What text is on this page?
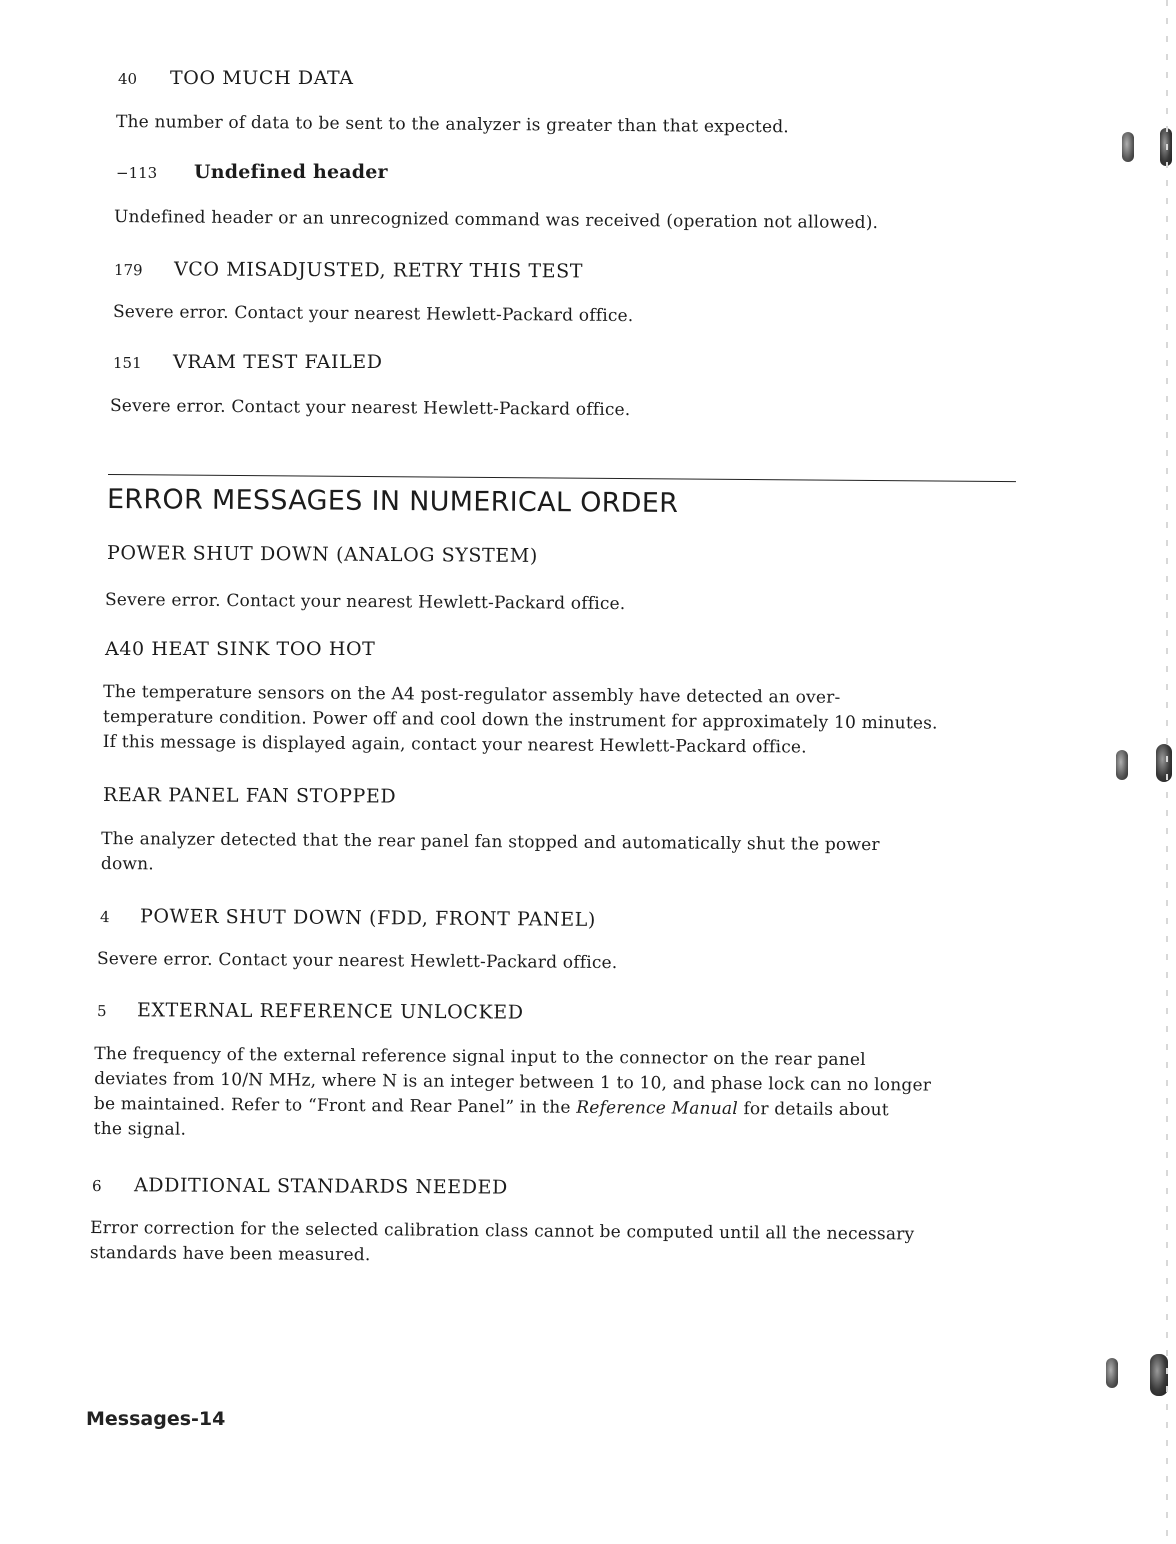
40 TOO MUCH DATA
The number of data to be sent to the analyzer is greater than that expected.
−113 Undefined header
Undefined header or an unrecognized command was received (operation not allowed).
179 VCO MISADJUSTED, RETRY THIS TEST
Severe error. Contact your nearest Hewlett-Packard office.
151 VRAM TEST FAILED
Severe error. Contact your nearest Hewlett-Packard office.
ERROR MESSAGES IN NUMERICAL ORDER
POWER SHUT DOWN (ANALOG SYSTEM)
Severe error. Contact your nearest Hewlett-Packard office.
A40 HEAT SINK TOO HOT
The temperature sensors on the A4 post-regulator assembly have detected an over-
temperature condition. Power off and cool down the instrument for approximately 10 minutes.
If this message is displayed again, contact your nearest Hewlett-Packard office.
REAR PANEL FAN STOPPED
The analyzer detected that the rear panel fan stopped and automatically shut the power
down.
4 POWER SHUT DOWN (FDD, FRONT PANEL)
Severe error. Contact your nearest Hewlett-Packard office.
5 EXTERNAL REFERENCE UNLOCKED
The frequency of the external reference signal input to the connector on the rear panel
deviates from 10/N MHz, where N is an integer between 1 to 10, and phase lock can no longer
be maintained. Refer to “Front and Rear Panel” in the Reference Manual for details about
the signal.
6 ADDITIONAL STANDARDS NEEDED
Error correction for the selected calibration class cannot be computed until all the necessary
standards have been measured.
Messages-14
